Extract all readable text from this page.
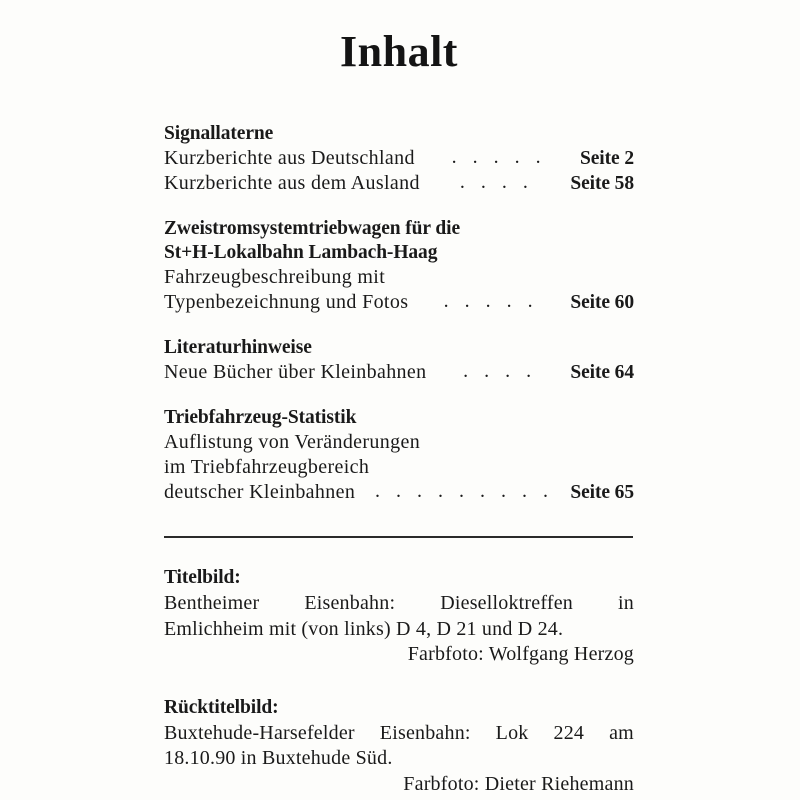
Inhalt
Signallaterne
Kurzberichte aus Deutschland	. . . . .	Seite 2
Kurzberichte aus dem Ausland	. . . .	Seite 58
Zweistromsystemtriebwagen für die
St+H-Lokalbahn Lambach-Haag
Fahrzeugbeschreibung mit
Typenbezeichnung und Fotos	. . . . .	Seite 60
Literaturhinweise
Neue Bücher über Kleinbahnen	. . . .	Seite 64
Triebfahrzeug-Statistik
Auflistung von Veränderungen
im Triebfahrzeugbereich
deutscher Kleinbahnen . . . . . . . . . Seite 65
Titelbild:
Bentheimer Eisenbahn: Dieselloktreffen in
Emlichheim mit (von links) D 4, D 21 und D 24.
Farbfoto: Wolfgang Herzog
Rücktitelbild:
Buxtehude-Harsefelder Eisenbahn: Lok 224 am
18.10.90 in Buxtehude Süd.
Farbfoto: Dieter Riehemann
